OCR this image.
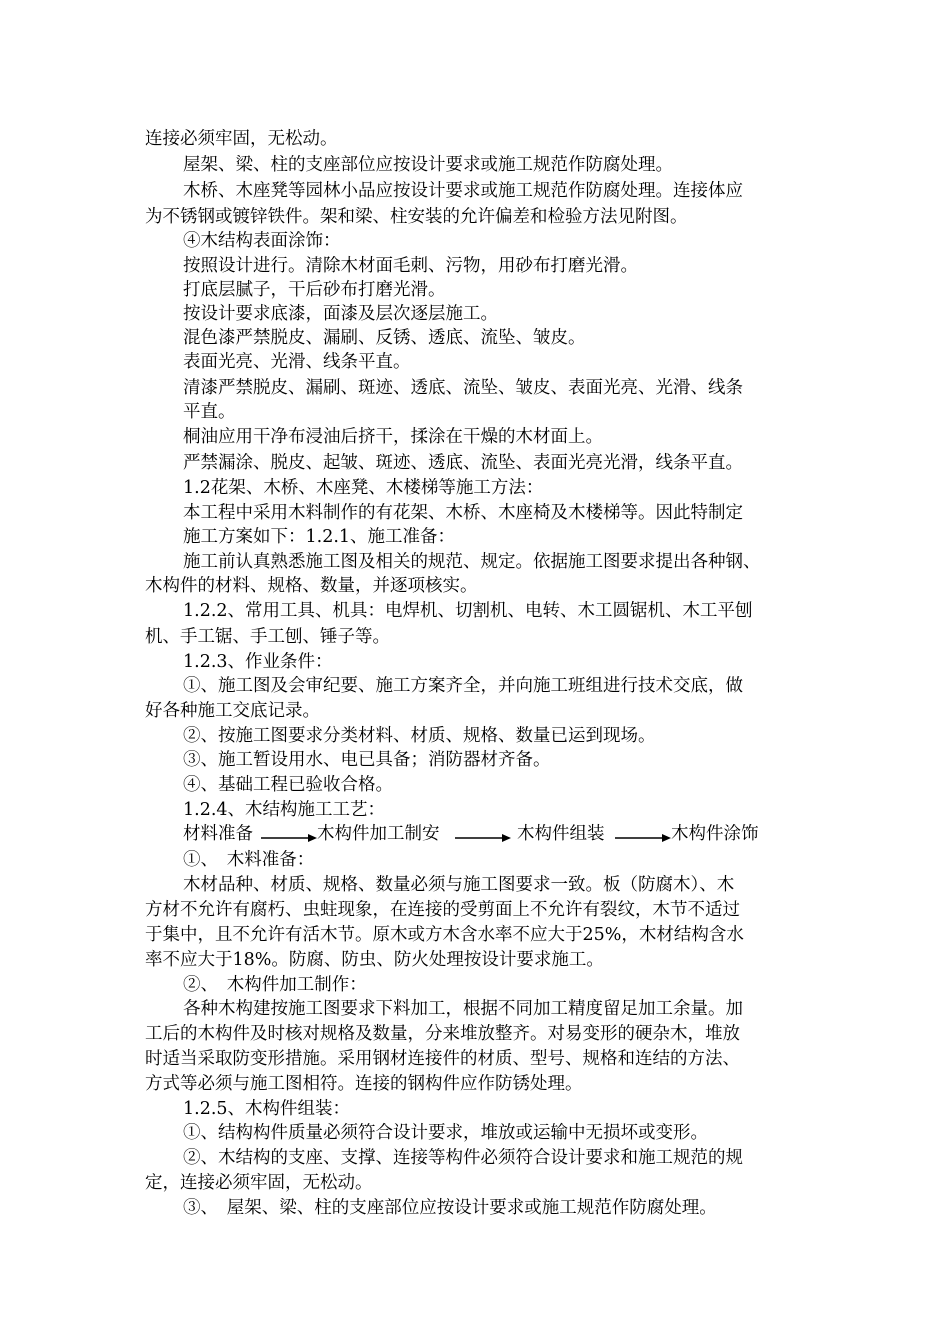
连接必须牢固，无松动。
屋架、梁、柱的支座部位应按设计要求或施工规范作防腐处理。
木桥、木座凳等园林小品应按设计要求或施工规范作防腐处理。连接体应
为不锈钢或镀锌铁件。架和梁、柱安装的允许偏差和检验方法见附图。
④木结构表面涂饰：
按照设计进行。清除木材面毛刺、污物，用砂布打磨光滑。
打底层腻子，干后砂布打磨光滑。
按设计要求底漆，面漆及层次逐层施工。
混色漆严禁脱皮、漏刷、反锈、透底、流坠、皱皮。
表面光亮、光滑、线条平直。
清漆严禁脱皮、漏刷、斑迹、透底、流坠、皱皮、表面光亮、光滑、线条
平直。
桐油应用干净布浸油后挤干，揉涂在干燥的木材面上。
严禁漏涂、脱皮、起皱、斑迹、透底、流坠、表面光亮光滑，线条平直。
1.2花架、木桥、木座凳、木楼梯等施工方法：
本工程中采用木料制作的有花架、木桥、木座椅及木楼梯等。因此特制定
施工方案如下：1.2.1、施工准备：
施工前认真熟悉施工图及相关的规范、规定。依据施工图要求提出各种钢、
木构件的材料、规格、数量，并逐项核实。
1.2.2、常用工具、机具：电焊机、切割机、电转、木工圆锯机、木工平刨
机、手工锯、手工刨、锤子等。
1.2.3、作业条件：
①、施工图及会审纪要、施工方案齐全，并向施工班组进行技术交底，做
好各种施工交底记录。
②、按施工图要求分类材料、材质、规格、数量已运到现场。
③、施工暂设用水、电已具备；消防器材齐备。
④、基础工程已验收合格。
1.2.4、木结构施工工艺：
材料准备	木构件加工制安	木构件组装	木构件涂饰
①、　木料准备：
木材品种、材质、规格、数量必须与施工图要求一致。板（防腐木）、木
方材不允许有腐朽、虫蛀现象，在连接的受剪面上不允许有裂纹，木节不适过
于集中，且不允许有活木节。原木或方木含水率不应大于25%，木材结构含水
率不应大于18%。防腐、防虫、防火处理按设计要求施工。
②、　木构件加工制作：
各种木构建按施工图要求下料加工，根据不同加工精度留足加工余量。加
工后的木构件及时核对规格及数量，分来堆放整齐。对易变形的硬杂木，堆放
时适当采取防变形措施。采用钢材连接件的材质、型号、规格和连结的方法、
方式等必须与施工图相符。连接的钢构件应作防锈处理。
1.2.5、木构件组装：
①、结构构件质量必须符合设计要求，堆放或运输中无损坏或变形。
②、木结构的支座、支撑、连接等构件必须符合设计要求和施工规范的规
定，连接必须牢固，无松动。
③、　屋架、梁、柱的支座部位应按设计要求或施工规范作防腐处理。
